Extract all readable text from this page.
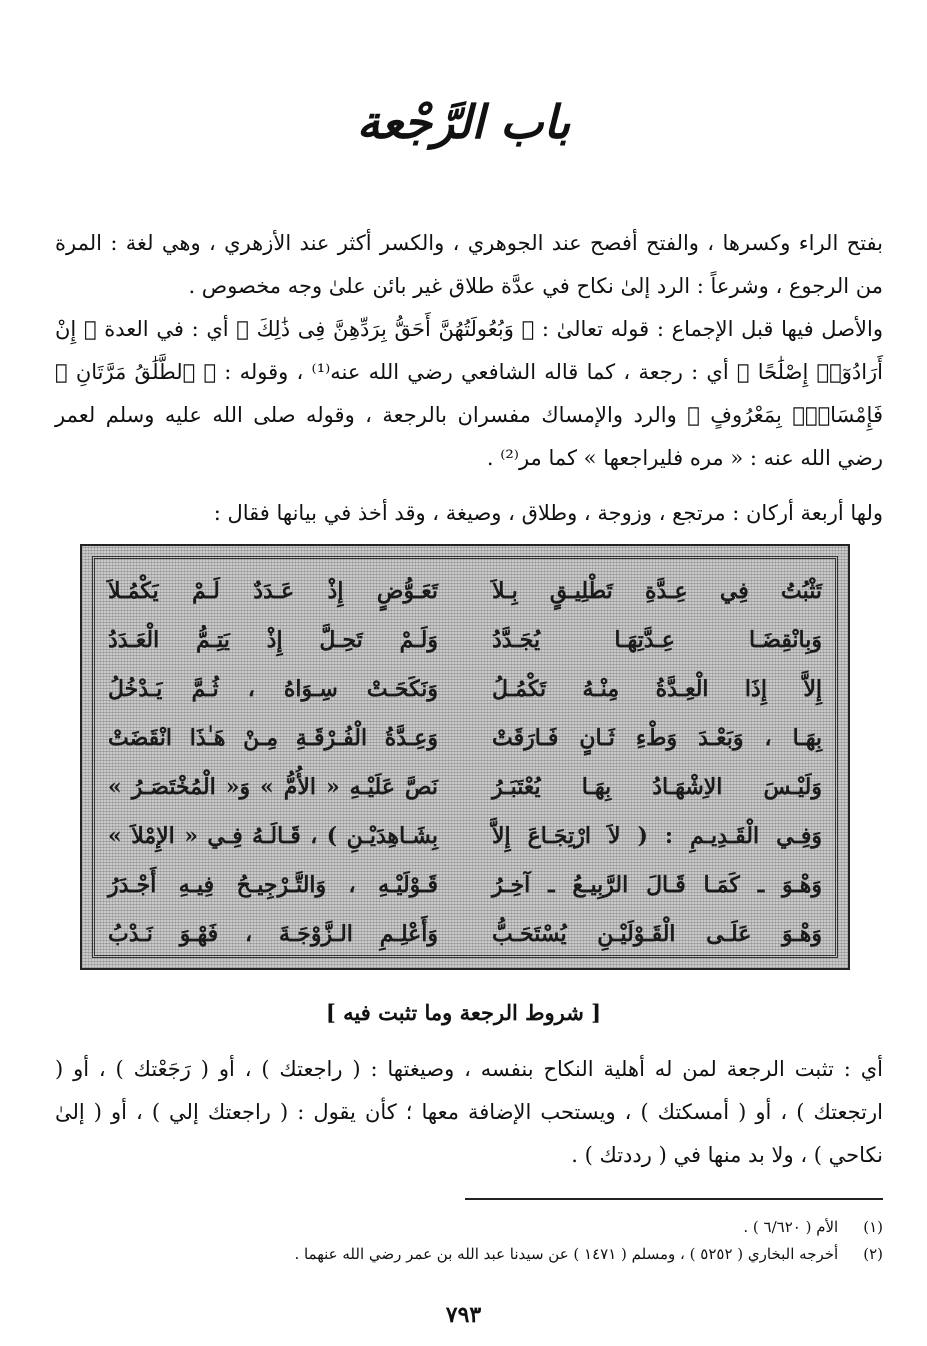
باب الرَّجْعة
بفتح الراء وكسرها ، والفتح أفصح عند الجوهري ، والكسر أكثر عند الأزهري ، وهي لغة : المرة من الرجوع ، وشرعاً : الرد إلىٰ نكاح في عدَّة طلاق غير بائن علىٰ وجه مخصوص .
والأصل فيها قبل الإجماع : قوله تعالىٰ : ﴿ وَبُعُولَتُهُنَّ أَحَقُّ بِرَدِّهِنَّ فِى ذَٰلِكَ ﴾ أي : في العدة ﴿ إِنْ أَرَادُوٓا۟ إِصْلَٰحًا ﴾ أي : رجعة ، كما قاله الشافعي رضي الله عنه⁽¹⁾ ، وقوله : ﴿ ٱلطَّلَٰقُ مَرَّتَانِ ۖ فَإِمْسَاكٌۢ بِمَعْرُوفٍ ﴾ والرد والإمساك مفسران بالرجعة ، وقوله صلى الله عليه وسلم لعمر رضي الله عنه : « مره فليراجعها » كما مر⁽²⁾ .
ولها أربعة أركان : مرتجع ، وزوجة ، وطلاق ، وصيغة ، وقد أخذ في بيانها فقال :
تَثْبُتُ فِي عِـدَّةِ تَطْلِيـقٍ بِـلاَ
تَعَـوُّضٍ إِذْ عَـدَدٌ لَـمْ يَكْمُـلاَ
وَبِانْقِضَـا عِـدَّتِهَـا يُجَـدَّدُ
وَلَـمْ تَحِـلَّ إِذْ يَتِـمُّ الْعَـدَدُ
إِلاَّ إِذَا الْعِـدَّةُ مِنْـهُ تَكْمُـلُ
وَنَكَحَـتْ سِـوَاهُ ، ثُـمَّ يَـدْخُلُ
بِهَـا ، وَبَعْـدَ وَطْءِ ثَـانٍ فَـارَقَتْ
وَعِـدَّةُ الْفُـرْقَـةِ مِـنْ هَـٰذَا انْقَضَتْ
وَلَيْـسَ الاِشْهَـادُ بِهَـا يُعْتَبَـرُ
نَصَّ عَلَيْـهِ « الأُمُّ » وَ« الْمُخْتَصَـرُ »
وَفِـي الْقَـدِيـمِ : ( لاَ ارْتِجَـاعَ إِلاَّ
بِشَـاهِدَيْـنِ ) ، قَـالَـهُ فِـي « الإِمْلاَ »
وَهْـوَ ـ كَمَـا قَـالَ الرَّبِيـعُ ـ آخِـرُ
قَـوْلَيْـهِ ، وَالتَّـرْجِيـحُ فِيـهِ أَجْـدَرُ
وَهْـوَ عَلَـى الْقَـوْلَيْـنِ يُسْتَحَـبُّ
وَأَعْلِـمِ الـزَّوْجَـةَ ، فَهْـوَ نَـدْبُ
[ شروط الرجعة وما تثبت فيه ]
أي : تثبت الرجعة لمن له أهلية النكاح بنفسه ، وصيغتها : ( راجعتك ) ، أو ( رَجَعْتك ) ، أو ( ارتجعتك ) ، أو ( أمسكتك ) ، ويستحب الإضافة معها ؛ كأن يقول : ( راجعتك إلي ) ، أو ( إلىٰ نكاحي ) ، ولا بد منها في ( رددتك ) .
(١) الأم ( ٦/٦٢٠ ) .
(٢) أخرجه البخاري ( ٥٢٥٢ ) ، ومسلم ( ١٤٧١ ) عن سيدنا عبد الله بن عمر رضي الله عنهما .
٧٩٣
